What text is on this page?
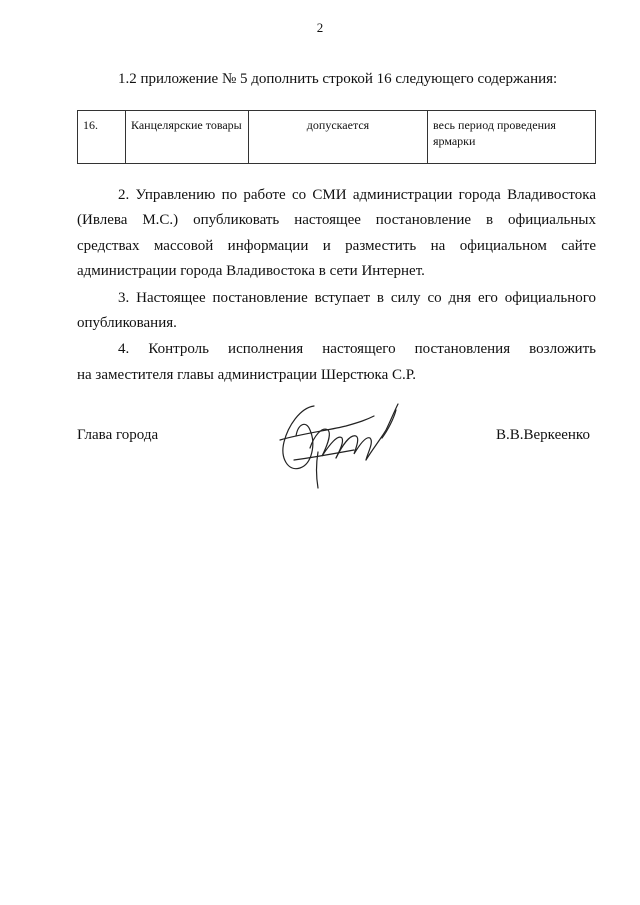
2
1.2 приложение № 5 дополнить строкой 16 следующего содержания:
16.	Канцелярские товары	допускается	весь период проведения ярмарки
2. Управлению по работе со СМИ администрации города Владивостока
(Ивлева М.С.) опубликовать настоящее постановление в официальных
средствах массовой информации и разместить на официальном сайте
администрации города Владивостока в сети Интернет.
3. Настоящее постановление вступает в силу со дня его официального
опубликования.
4. Контроль исполнения настоящего постановления возложить
на заместителя главы администрации Шерстюка С.Р.
Глава города	В.В.Веркеенко
